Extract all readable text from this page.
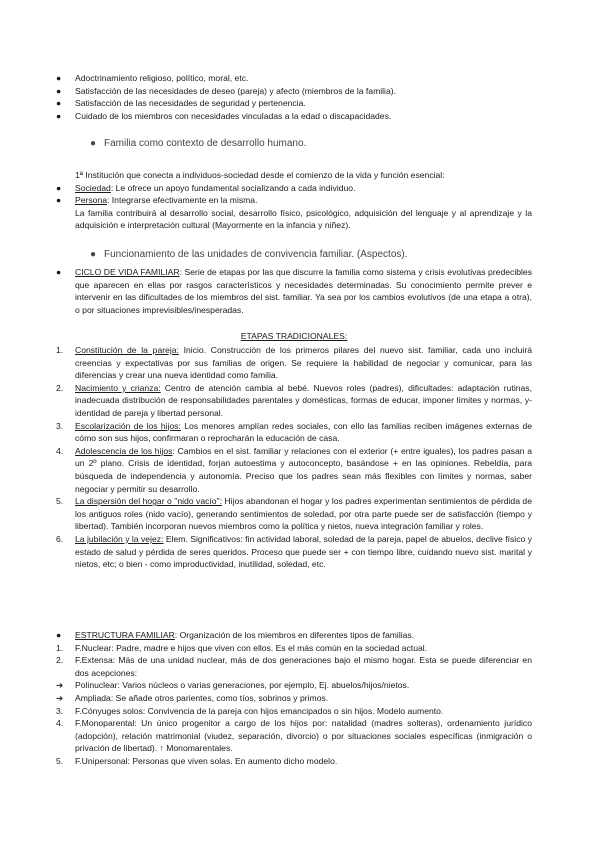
●	Adoctrinamiento religioso, político, moral, etc.
●	Satisfacción de las necesidades de deseo (pareja) y afecto (miembros de la familia).
●	Satisfacción de las necesidades de seguridad y pertenencia.
●	Cuidado de los miembros con necesidades vinculadas a la edad o discapacidades.
● Familia como contexto de desarrollo humano.
1ª Institución que conecta a individuos-sociedad desde el comienzo de la vida y función esencial:
●	Sociedad: Le ofrece un apoyo fundamental socializando a cada individuo.
●	Persona: Integrarse efectivamente en la misma.
La familia contribuirá al desarrollo social, desarrollo físico, psicológico, adquisición del lenguaje y al aprendizaje y la adquisición e interpretación cultural (Mayormente en la infancia y niñez).
● Funcionamiento de las unidades de convivencia familiar. (Aspectos).
●	CICLO DE VIDA FAMILIAR: Serie de etapas por las que discurre la familia como sistema y crisis evolutivas predecibles que aparecen en ellas por rasgos característicos y necesidades determinadas. Su conocimiento permite prever e intervenir en las dificultades de los miembros del sist. familiar. Ya sea por los cambios evolutivos (de una etapa a otra), o por situaciones imprevisibles/inesperadas.
ETAPAS TRADICIONALES:
1.	Constitución de la pareja: Inicio. Construcción de los primeros pilares del nuevo sist. familiar, cada uno incluirá creencias y expectativas por sus familias de origen. Se requiere la habilidad de negociar y comunicar, para las diferencias y crear una nueva identidad como familia.
2.	Nacimiento y crianza: Centro de atención cambia al bebé. Nuevos roles (padres), dificultades: adaptación rutinas, inadecuada distribución de responsabilidades parentales y domésticas, formas de educar, imponer límites y normas, y- identidad de pareja y libertad personal.
3.	Escolarización de los hijos: Los menores amplían redes sociales, con ello las familias reciben imágenes externas de cómo son sus hijos, confirmaran o reprocharán la educación de casa.
4.	Adolescencia de los hijos: Cambios en el sist. familiar y relaciones con el exterior (+ entre iguales), los padres pasan a un 2º plano. Crisis de identidad, forjan autoestima y autoconcepto, basándose + en las opiniones. Rebeldía, para búsqueda de independencia y autonomía. Preciso que los padres sean más flexibles con límites y normas, saber negociar y permitir su desarrollo.
5.	La dispersión del hogar o "nido vacío": Hijos abandonan el hogar y los padres experimentan sentimientos de pérdida de los antiguos roles (nido vacío), generando sentimientos de soledad, por otra parte puede ser de satisfacción (tiempo y libertad). También incorporan nuevos miembros como la política y nietos, nueva integración familiar y roles.
6.	La jubilación y la vejez: Elem. Significativos: fin actividad laboral, soledad de la pareja, papel de abuelos, declive físico y estado de salud y pérdida de seres queridos. Proceso que puede ser + con tiempo libre, cuidando nuevo sist. marital y nietos, etc; o bien - como improductividad, inutilidad, soledad, etc.
●	ESTRUCTURA FAMILIAR: Organización de los miembros en diferentes tipos de familias.
1.	F.Nuclear: Padre, madre e hijos que viven con ellos. Es el más común en la sociedad actual.
2.	F.Extensa: Más de una unidad nuclear, más de dos generaciones bajo el mismo hogar. Esta se puede diferenciar en dos acepciones:
➔	Polinuclear: Varios núcleos o varias generaciones, por ejemplo, Ej. abuelos/hijos/nietos.
➔	Ampliada: Se añade otros parientes, como tíos, sobrinos y primos.
3.	F.Cónyuges solos: Convivencia de la pareja con hijos emancipados o sin hijos. Modelo aumento.
4.	F.Monoparental: Un único progenitor a cargo de los hijos por: natalidad (madres solteras), ordenamiento jurídico (adopción), relación matrimonial (viudez, separación, divorcio) o por situaciones sociales específicas (inmigración o privación de libertad). ↑ Monomarentales.
5.	F.Unipersonal: Personas que viven solas. En aumento dicho modelo.
